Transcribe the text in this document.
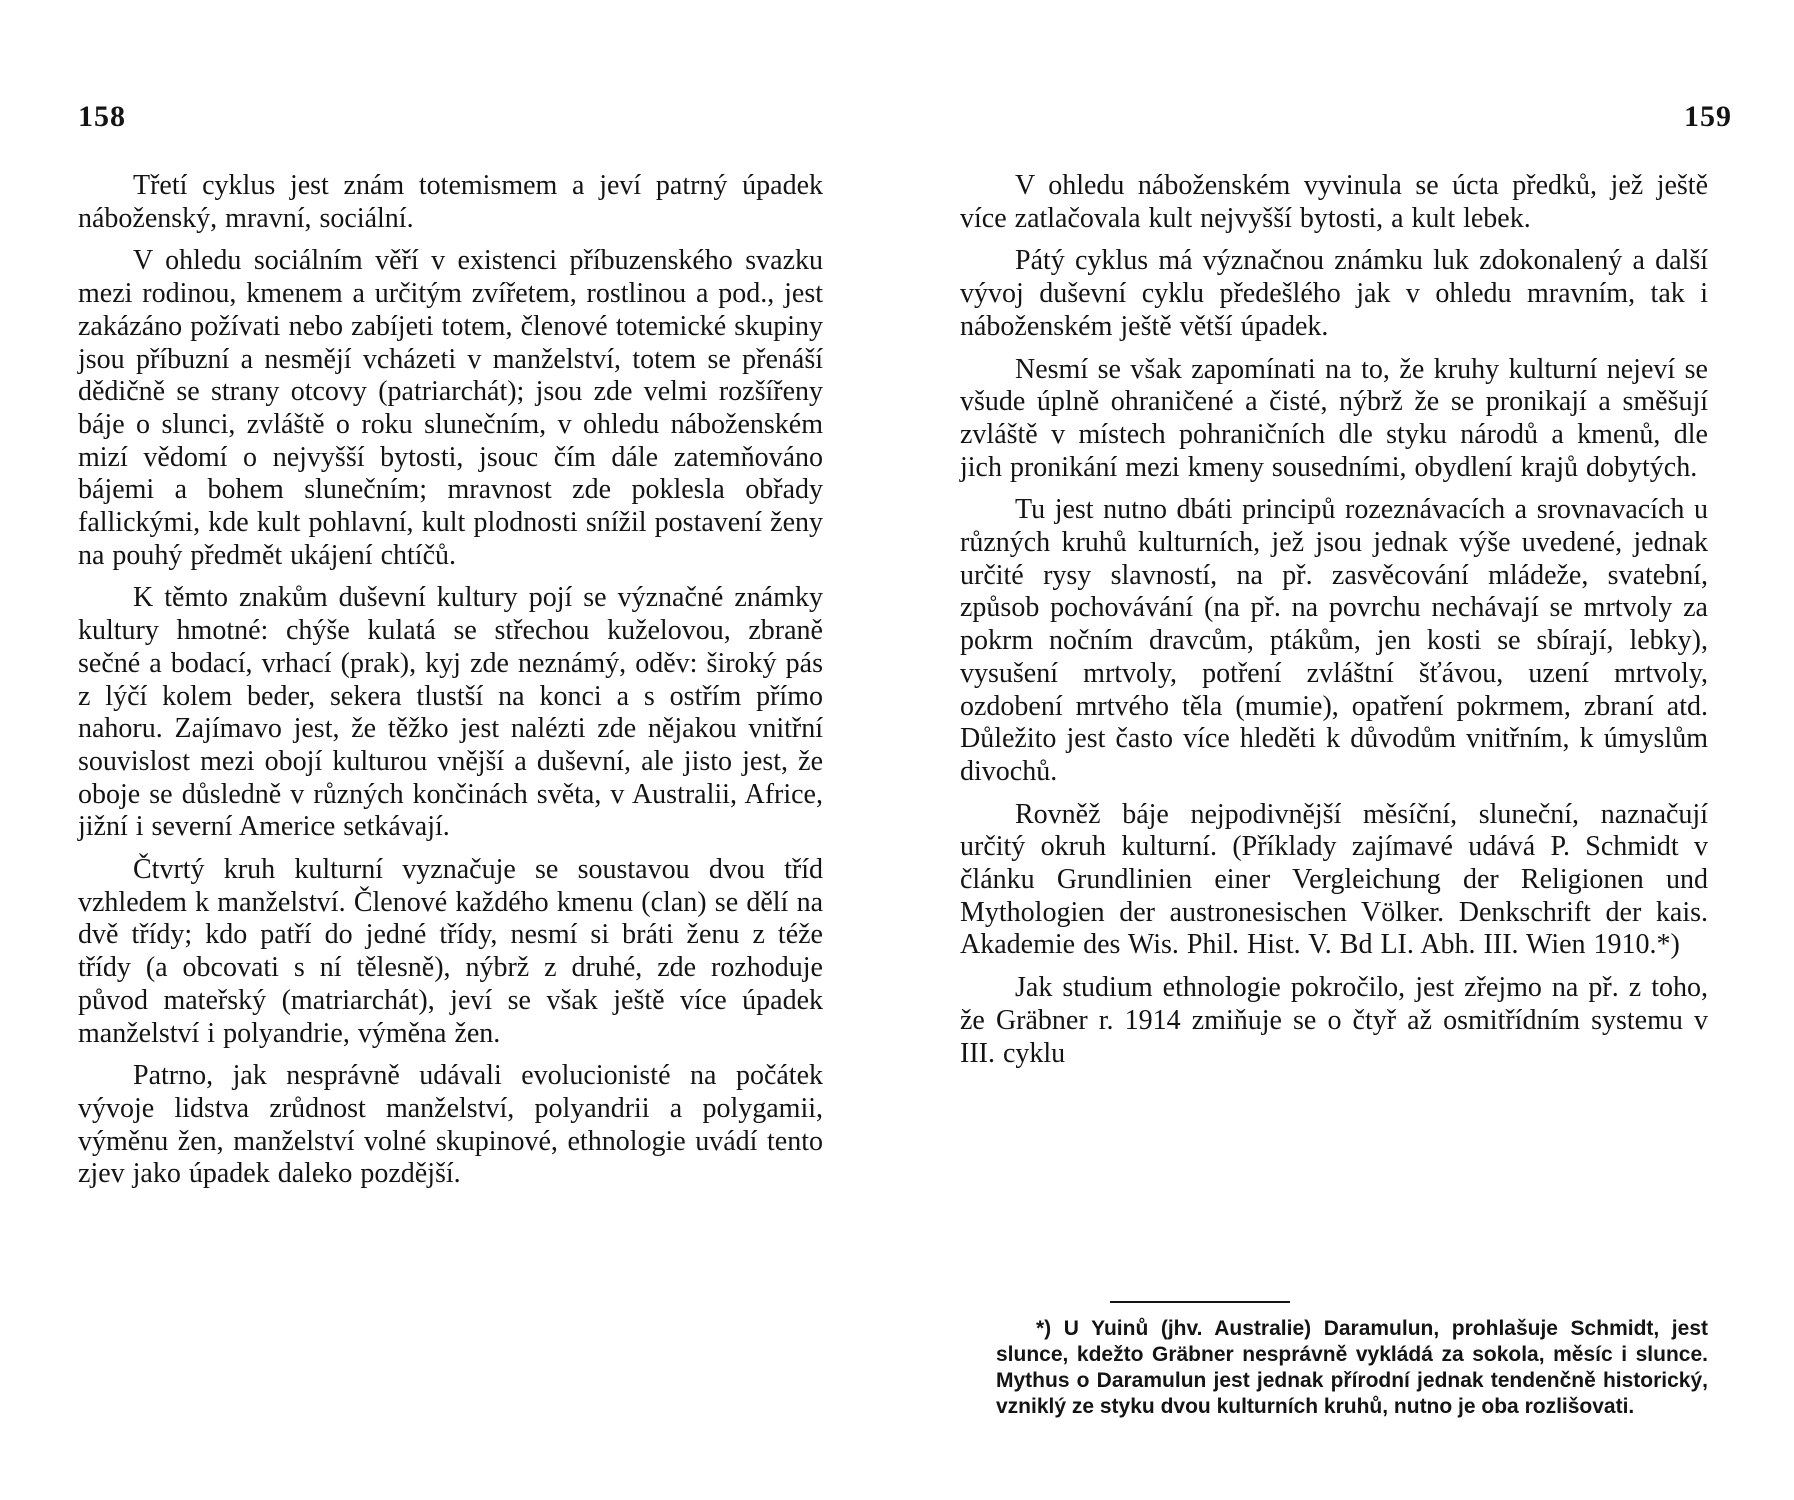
158

Třetí cyklus jest znám totemismem a jeví patrný úpadek náboženský, mravní, sociální.

V ohledu sociálním věří v existenci příbuzenského svazku mezi rodinou, kmenem a určitým zvířetem, rostlinou a pod., jest zakázáno požívati nebo zabíjeti totem, členové totemické skupiny jsou příbuzní a nesmějí vcházeti v manželství, totem se přenáší dědičně se strany otcovy (patriarchát); jsou zde velmi rozšířeny báje o slunci, zvláště o roku slunečním, v ohledu náboženském mizí vědomí o nejvyšší bytosti, jsouc čím dále zatemňováno bájemi a bohem slunečním; mravnost zde poklesla obřady fallickými, kde kult pohlavní, kult plodnosti snížil postavení ženy na pouhý předmět ukájení chtíčů.

K těmto znakům duševní kultury pojí se význačné známky kultury hmotné: chýše kulatá se střechou kuželovou, zbraně sečné a bodací, vrhací (prak), kyj zde neznámý, oděv: široký pás z lýčí kolem beder, sekera tlustší na konci a s ostřím přímo nahoru. Zajímavo jest, že těžko jest nalézti zde nějakou vnitřní souvislost mezi obojí kulturou vnější a duševní, ale jisto jest, že oboje se důsledně v různých končinách světa, v Australii, Africe, jižní i severní Americe setkávají.

Čtvrtý kruh kulturní vyznačuje se soustavou dvou tříd vzhledem k manželství. Členové každého kmenu (clan) se dělí na dvě třídy; kdo patří do jedné třídy, nesmí si bráti ženu z téže třídy (a obcovati s ní tělesně), nýbrž z druhé, zde rozhoduje původ mateřský (matriarchát), jeví se však ještě více úpadek manželství i polyandrie, výměna žen.

Patrno, jak nesprávně udávali evolucionisté na počátek vývoje lidstva zrůdnost manželství, polyandrii a polygamii, výměnu žen, manželství volné skupinové, ethnologie uvádí tento zjev jako úpadek daleko pozdější.

159

V ohledu náboženském vyvinula se úcta předků, jež ještě více zatlačovala kult nejvyšší bytosti, a kult lebek.

Pátý cyklus má význačnou známku luk zdokonalený a další vývoj duševní cyklu předešlého jak v ohledu mravním, tak i náboženském ještě větší úpadek.

Nesmí se však zapomínati na to, že kruhy kulturní nejeví se všude úplně ohraničené a čisté, nýbrž že se pronikají a směšují zvláště v místech pohraničních dle styku národů a kmenů, dle jich pronikání mezi kmeny sousedními, obydlení krajů dobytých.

Tu jest nutno dbáti principů rozeznávacích a srovnavacích u různých kruhů kulturních, jež jsou jednak výše uvedené, jednak určité rysy slavností, na př. zasvěcování mládeže, svatební, způsob pochovávání (na př. na povrchu nechávají se mrtvoly za pokrm nočním dravcům, ptákům, jen kosti se sbírají, lebky), vysušení mrtvoly, potření zvláštní šťávou, uzení mrtvoly, ozdobení mrtvého těla (mumie), opatření pokrmem, zbraní atd. Důležito jest často více hleděti k důvodům vnitřním, k úmyslům divochů.

Rovněž báje nejpodivnější měsíční, sluneční, naznačují určitý okruh kulturní. (Příklady zajímavé udává P. Schmidt v článku Grundlinien einer Vergleichung der Religionen und Mythologien der austronesischen Völker. Denkschrift der kais. Akademie des Wis. Phil. Hist. V. Bd LI. Abh. III. Wien 1910.*)

Jak studium ethnologie pokročilo, jest zřejmo na př. z toho, že Gräbner r. 1914 zmiňuje se o čtyř až osmitřídním systemu v III. cyklu

*) U Yuinů (jhv. Australie) Daramulun, prohlašuje Schmidt, jest slunce, kdežto Gräbner nesprávně vykládá za sokola, měsíc i slunce. Mythus o Daramulun jest jednak přírodní jednak tendenčně historický, vzniklý ze styku dvou kulturních kruhů, nutno je oba rozlišovati.
